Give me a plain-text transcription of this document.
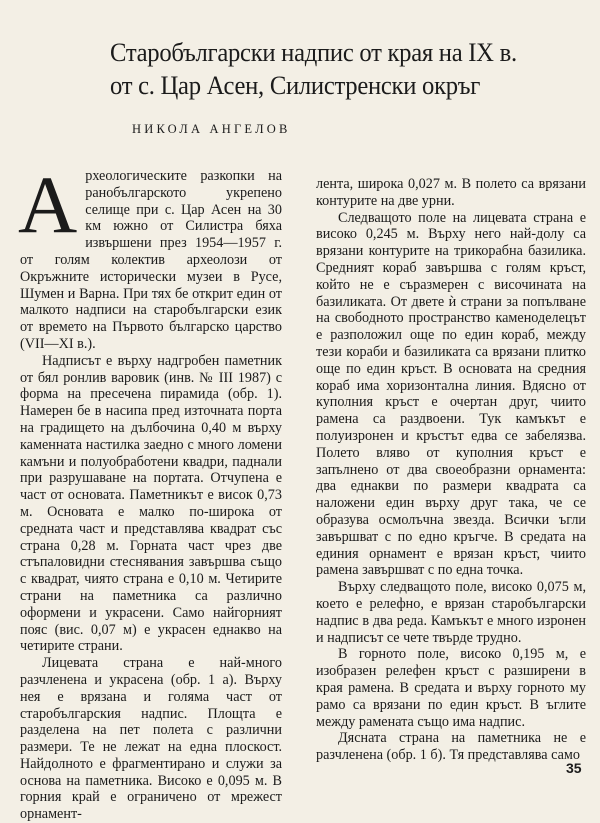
Старобългарски надпис от края на IX в.
от с. Цар Асен, Силистренски окръг
НИКОЛА АНГЕЛОВ

Археологическите разкопки на ранобългарското укрепено селище при с. Цар Асен на 30 км южно от Силистра бяха извършени през 1954—1957 г. от голям колектив археолози от Окръжните исторически музеи в Русе, Шумен и Варна. При тях бе открит един от малкото надписи на старобългарски език от времето на Първото българско царство (VII—XI в.).

Надписът е върху надгробен паметник от бял ронлив варовик (инв. № III 1987) с форма на пресечена пирамида (обр. 1). Намерен бе в насипа пред източната порта на градището на дълбочина 0,40 м върху каменната настилка заедно с много ломени камъни и полуобработени квадри, паднали при разрушаване на портата. Отчупена е част от основата. Паметникът е висок 0,73 м. Основата е малко по-широка от средната част и представлява квадрат със страна 0,28 м. Горната част чрез две стъпаловидни стеснявания завършва също с квадрат, чиято страна е 0,10 м. Четирите страни на паметника са различно оформени и украсени. Само найгорният пояс (вис. 0,07 м) е украсен еднакво на четирите страни.

Лицевата страна е най-много разчленена и украсена (обр. 1 а). Върху нея е врязана и голяма част от старобългарския надпис. Площта е разделена на пет полета с различни размери. Те не лежат на една плоскост. Найдолното е фрагментирано и служи за основа на паметника. Високо е 0,095 м. В горния край е ограничено от мрежест орнамент-

лента, широка 0,027 м. В полето са врязани контурите на две урни.

Следващото поле на лицевата страна е високо 0,245 м. Върху него най-долу са врязани контурите на трикорабна базилика. Средният кораб завършва с голям кръст, който не е съразмерен с височината на базиликата. От двете ѝ страни за попълване на свободното пространство каменоделецът е разположил още по един кораб, между тези кораби и базиликата са врязани плитко още по един кръст. В основата на средния кораб има хоризонтална линия. Вдясно от куполния кръст е очертан друг, чиито рамена са раздвоени. Тук камъкът е полуизронен и кръстът едва се забелязва. Полето вляво от куполния кръст е запълнено от два своеобразни орнамента: два еднакви по размери квадрата са наложени един върху друг така, че се образува осмолъчна звезда. Всички ъгли завършват с по едно кръгче. В средата на единия орнамент е врязан кръст, чиито рамена завършват с по една точка.

Върху следващото поле, високо 0,075 м, което е релефно, е врязан старобългарски надпис в два реда. Камъкът е много изронен и надписът се чете твърде трудно.

В горното поле, високо 0,195 м, е изобразен релефен кръст с разширени в края рамена. В средата и върху горното му рамо са врязани по един кръст. В ъглите между рамената също има надпис.

Дясната страна на паметника не е разчленена (обр. 1 б). Тя представлява само

35
